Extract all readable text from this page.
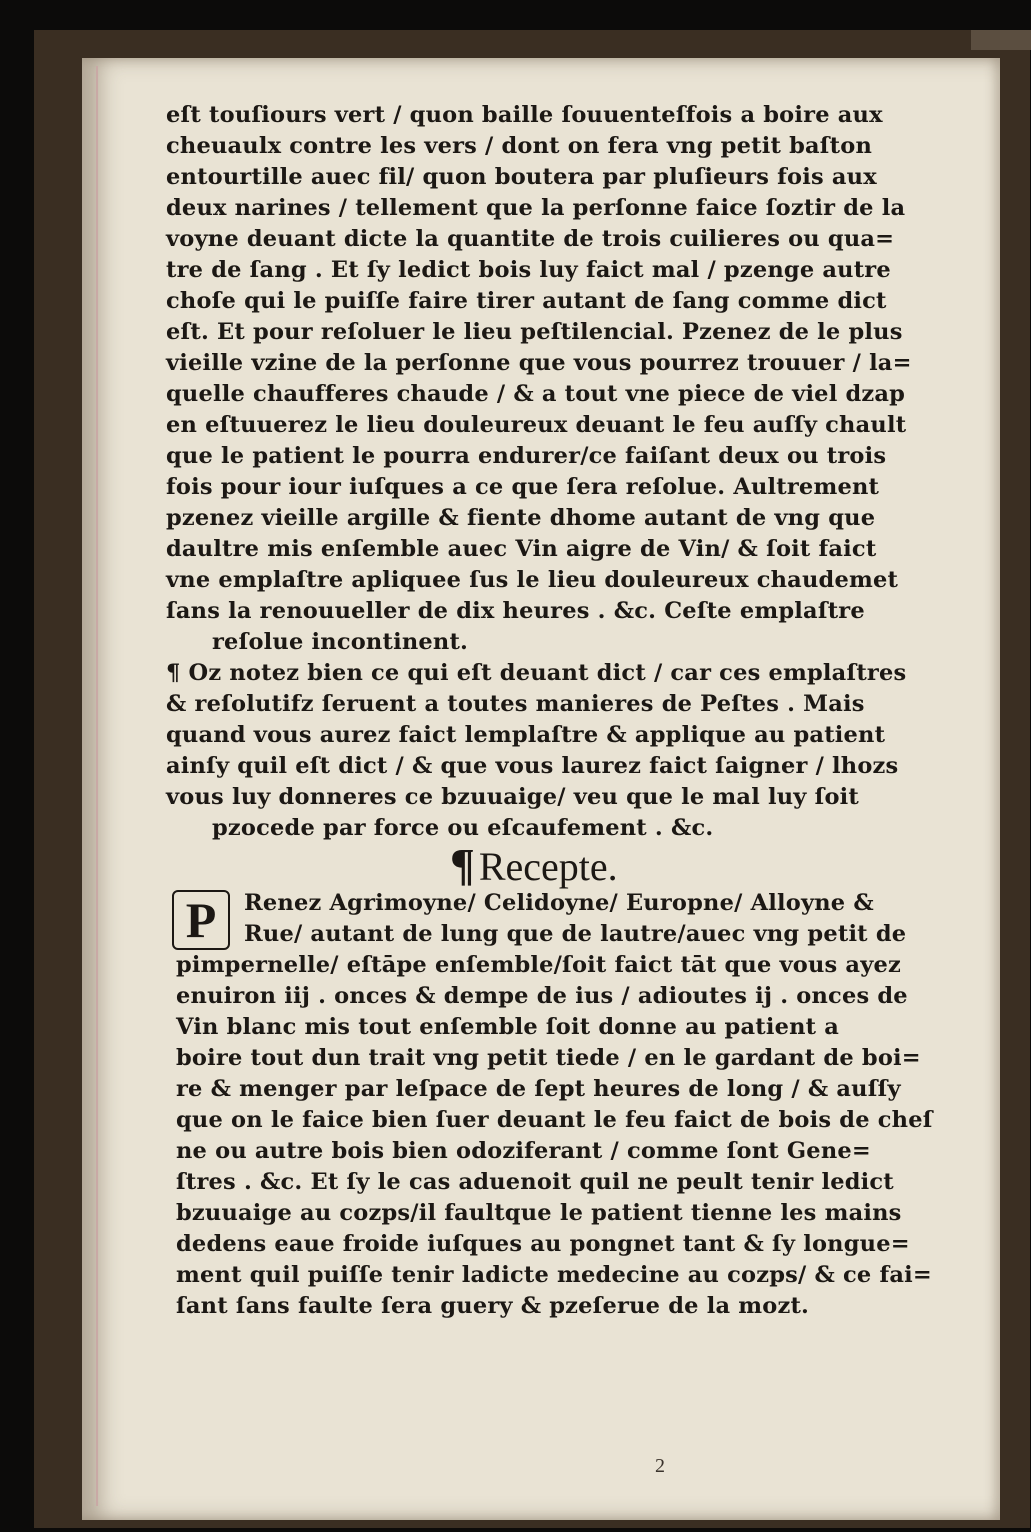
eſt touſiours vert / quon baille ſouuenteſfois a boire aux
cheuaulx contre les vers / dont on fera vng petit baſton
entourtille auec fil/ quon boutera par pluſieurs fois aux
deux narines / tellement que la perſonne faice ſoztir de la
voyne deuant dicte la quantite de trois cuilieres ou qua=
tre de ſang . Et ſy ledict bois luy faict mal / pzenge autre
choſe qui le puiſſe faire tirer autant de ſang comme dict
eſt. Et pour reſoluer le lieu peſtilencial. Pzenez de le plus
vieille vzine de la perſonne que vous pourrez trouuer / la=
quelle chaufferes chaude / & a tout vne piece de viel dzap
en eſtuuerez le lieu douleureux deuant le feu auſſy chault
que le patient le pourra endurer/ce faiſant deux ou trois
fois pour iour iuſques a ce que ſera reſolue. Aultrement
pzenez vieille argille & fiente dhome autant de vng que
daultre mis enſemble auec Vin aigre de Vin/ & ſoit faict
vne emplaſtre apliquee ſus le lieu douleureux chaudemet
ſans la renouueller de dix heures . &c. Ceſte emplaſtre
reſolue incontinent.
¶ Oz notez bien ce qui eſt deuant dict / car ces emplaſtres
& reſolutifz ſeruent a toutes manieres de Peſtes . Mais
quand vous aurez faict lemplaſtre & applique au patient
ainſy quil eſt dict / & que vous laurez faict ſaigner / lhozs
vous luy donneres ce bzuuaige/ veu que le mal luy ſoit
pzocede par force ou eſcaufement . &c.
¶ Recepte.
P	Renez Agrimoyne/ Celidoyne/ Europne/ Alloyne &
Rue/ autant de lung que de lautre/auec vng petit de
pimpernelle/ eſtāpe enſemble/ſoit faict tāt que vous ayez
enuiron iij . onces & dempe de ius / adioutes ij . onces de
Vin blanc mis tout enſemble ſoit donne au patient a
boire tout dun trait vng petit tiede / en le gardant de boi=
re & menger par leſpace de ſept heures de long / & auſſy
que on le faice bien ſuer deuant le feu faict de bois de cheſ
ne ou autre bois bien odoziferant / comme ſont Gene=
ſtres . &c. Et ſy le cas aduenoit quil ne peult tenir ledict
bzuuaige au cozps/il faultque le patient tienne les mains
dedens eaue froide iuſques au pongnet tant & ſy longue=
ment quil puiſſe tenir ladicte medecine au cozps/ & ce fai=
ſant ſans faulte ſera guery & pzeſerue de la mozt.
2
